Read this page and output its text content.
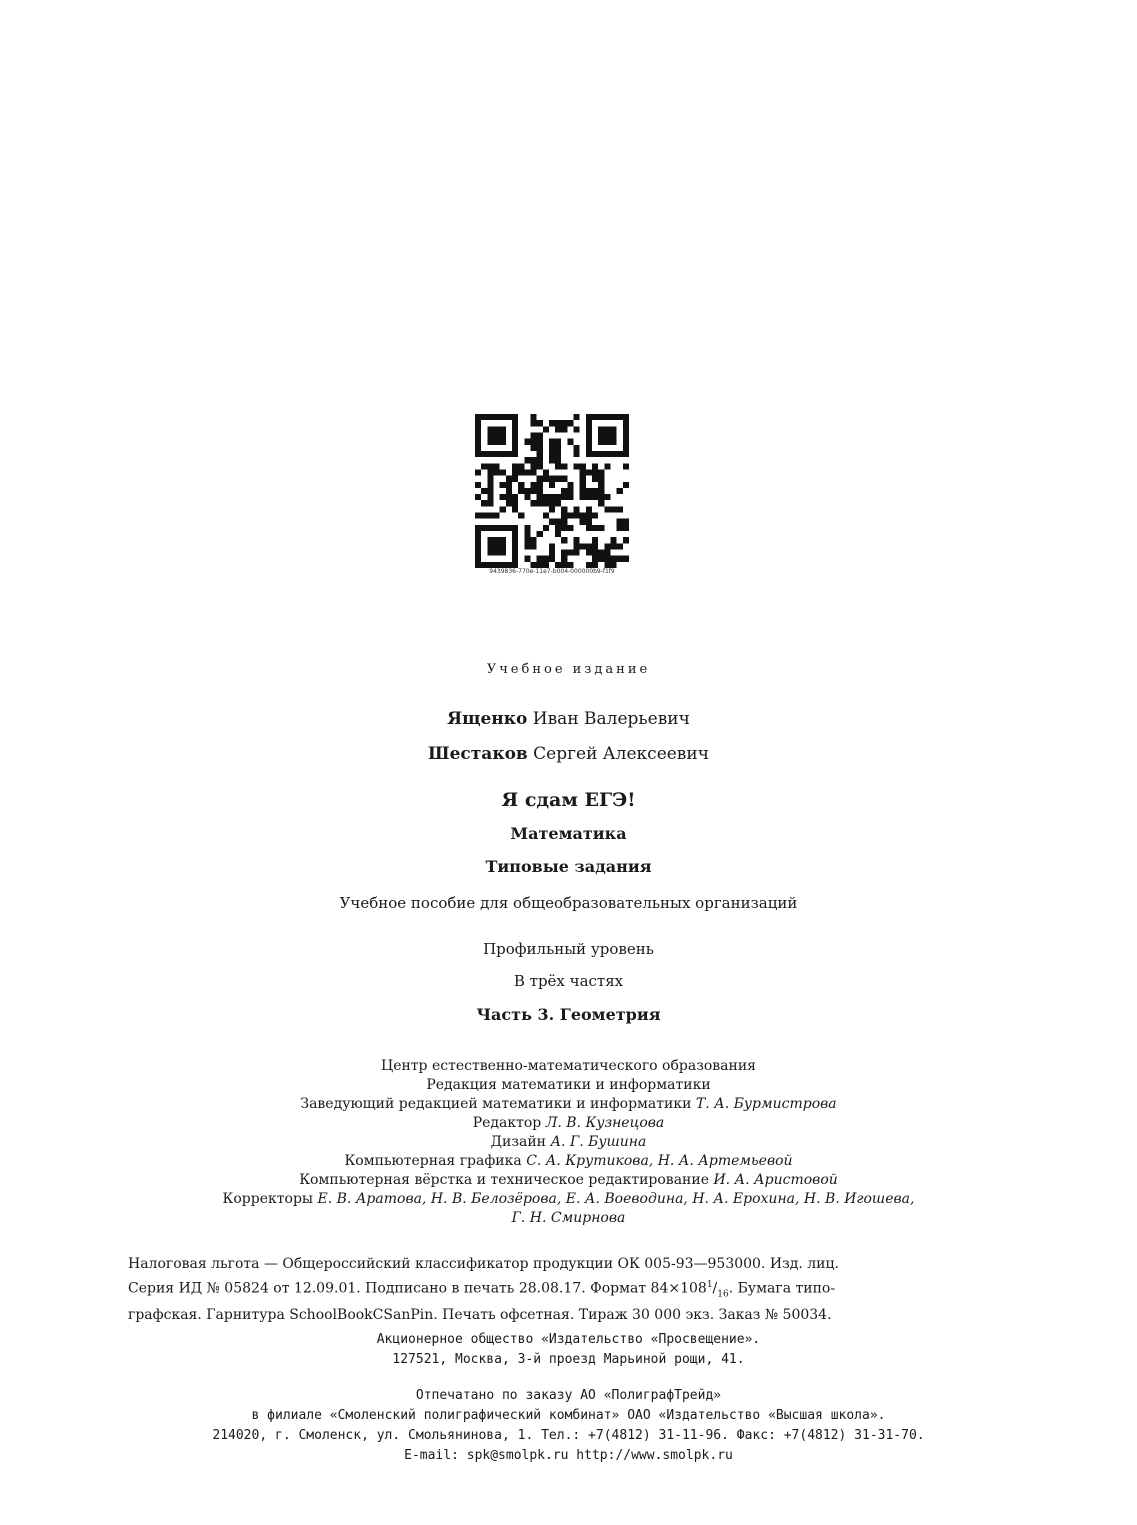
9439836-770e-11e7-b004-000000b9-f1f9
Учебное издание
Ященко Иван Валерьевич
Шестаков Сергей Алексеевич
Я сдам ЕГЭ!
Математика
Типовые задания
Учебное пособие для общеобразовательных организаций
Профильный уровень
В трёх частях
Часть 3. Геометрия
Центр естественно-математического образования
Редакция математики и информатики
Заведующий редакцией математики и информатики Т. А. Бурмистрова
Редактор Л. В. Кузнецова
Дизайн А. Г. Бушина
Компьютерная графика С. А. Крутикова, Н. А. Артемьевой
Компьютерная вёрстка и техническое редактирование И. А. Аристовой
Корректоры Е. В. Аратова, Н. В. Белозёрова, Е. А. Воеводина, Н. А. Ерохина, Н. В. Игошева,
Г. Н. Смирнова
Налоговая льгота — Общероссийский классификатор продукции ОК 005-93—953000. Изд. лиц.
Серия ИД № 05824 от 12.09.01. Подписано в печать 28.08.17. Формат $84\times 108^1/_{16}$. Бумага типо-
графская. Гарнитура SchoolBookCSanPin. Печать офсетная. Тираж 30 000 экз. Заказ № 50034.
Акционерное общество «Издательство «Просвещение».
127521, Москва, 3-й проезд Марьиной рощи, 41.
Отпечатано по заказу АО «ПолиграфТрейд»
в филиале «Смоленский полиграфический комбинат» ОАО «Издательство «Высшая школа».
214020, г. Смоленск, ул. Смольянинова, 1. Тел.: +7(4812) 31-11-96. Факс: +7(4812) 31-31-70.
E-mail: spk@smolpk.ru http://www.smolpk.ru
